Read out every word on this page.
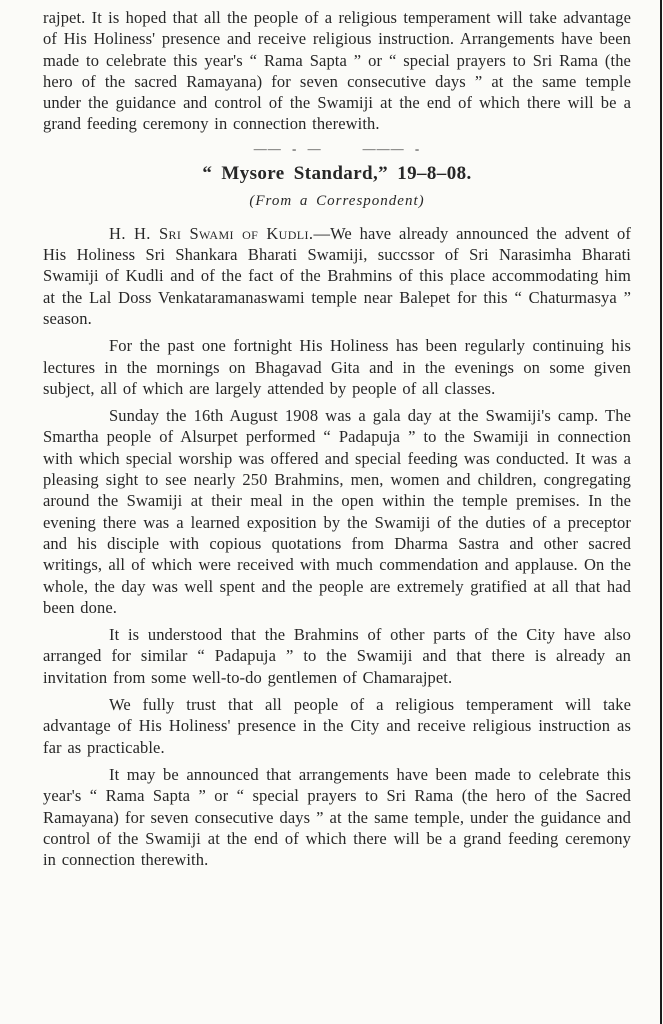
rajpet. It is hoped that all the people of a religious temperament will take advantage of His Holiness' presence and receive religious instruction. Arrangements have been made to celebrate this year's “ Rama Sapta ” or “ special prayers to Sri Rama (the hero of the sacred Ramayana) for seven consecutive days ” at the same temple under the guidance and control of the Swamiji at the end of which there will be a grand feeding ceremony in connection therewith.

―― - ―    ――― -
“ Mysore Standard,” 19–8–08.
(From a Correspondent)

H. H. Sri Swami of Kudli.—We have already announced the advent of His Holiness Sri Shankara Bharati Swamiji, succssor of Sri Narasimha Bharati Swamiji of Kudli and of the fact of the Brahmins of this place accommodating him at the Lal Doss Venkataramanaswami temple near Balepet for this “ Chaturmasya ” season.

For the past one fortnight His Holiness has been regularly continuing his lectures in the mornings on Bhagavad Gita and in the evenings on some given subject, all of which are largely attended by people of all classes.

Sunday the 16th August 1908 was a gala day at the Swamiji's camp. The Smartha people of Alsurpet performed “ Padapuja ” to the Swamiji in connection with which special worship was offered and special feeding was conducted. It was a pleasing sight to see nearly 250 Brahmins, men, women and children, congregating around the Swamiji at their meal in the open within the temple premises. In the evening there was a learned exposition by the Swamiji of the duties of a preceptor and his disciple with copious quotations from Dharma Sastra and other sacred writings, all of which were received with much commendation and applause. On the whole, the day was well spent and the people are extremely gratified at all that had been done.

It is understood that the Brahmins of other parts of the City have also arranged for similar “ Padapuja ” to the Swamiji and that there is already an invitation from some well-to-do gentlemen of Chamarajpet.

We fully trust that all people of a religious temperament will take advantage of His Holiness' presence in the City and receive religious instruction as far as practicable.

It may be announced that arrangements have been made to celebrate this year's “ Rama Sapta ” or “ special prayers to Sri Rama (the hero of the Sacred Ramayana) for seven consecutive days ” at the same temple, under the guidance and control of the Swamiji at the end of which there will be a grand feeding ceremony in connection therewith.
